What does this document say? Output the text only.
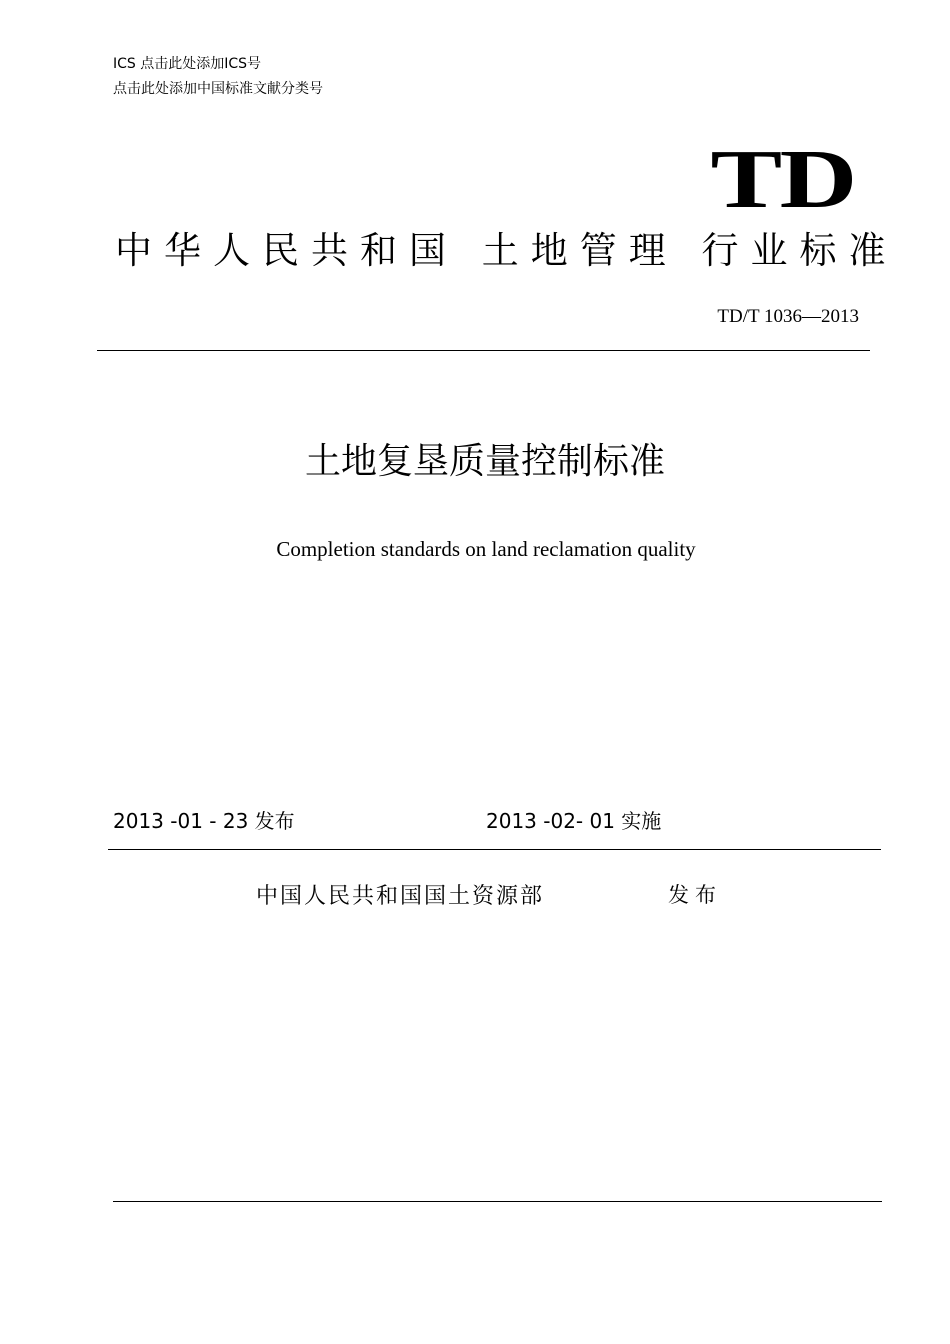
ICS 点击此处添加ICS号
点击此处添加中国标准文献分类号
TD
中华人民共和国 土地管理 行业标准
TD/T 1036—2013
土地复垦质量控制标准
Completion standards on land reclamation quality
2013 -01 - 23 发布	2013 -02- 01 实施
中国人民共和国国土资源部	发布
